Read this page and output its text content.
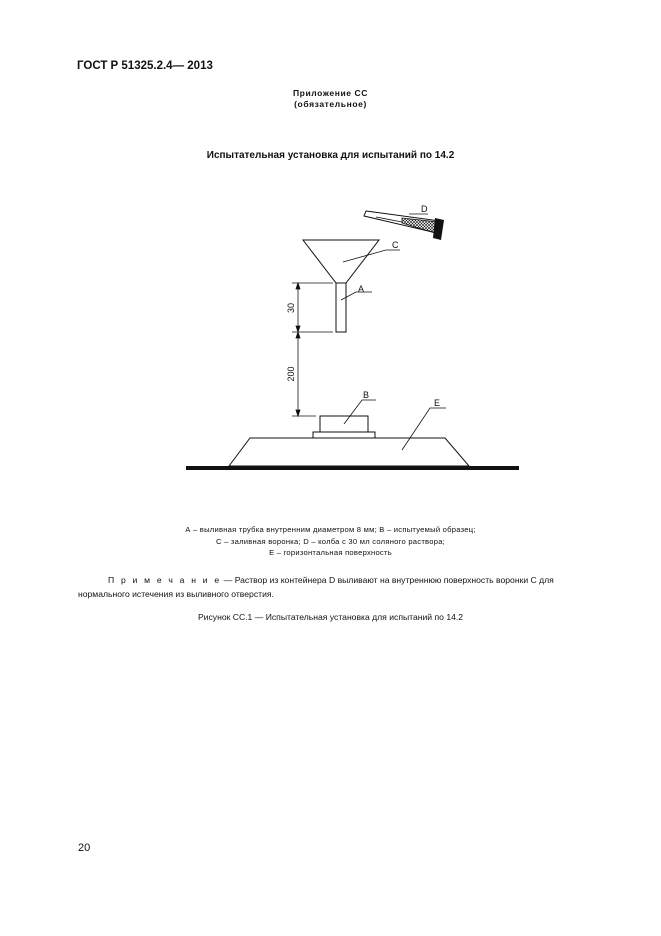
ГОСТ Р 51325.2.4— 2013
Приложение СС
(обязательное)
Испытательная установка для испытаний по 14.2
D
C
A
30
200
B
E
А – выливная трубка внутренним диаметром 8 мм; В – испытуемый образец;
С – заливная воронка; D – колба с 30 мл соляного раствора;
Е – горизонтальная поверхность
П р и м е ч а н и е — Раствор из контейнера D выливают на внутреннюю поверхность воронки С для нормального истечения из выливного отверстия.
Рисунок СС.1 — Испытательная установка для испытаний по 14.2
20
